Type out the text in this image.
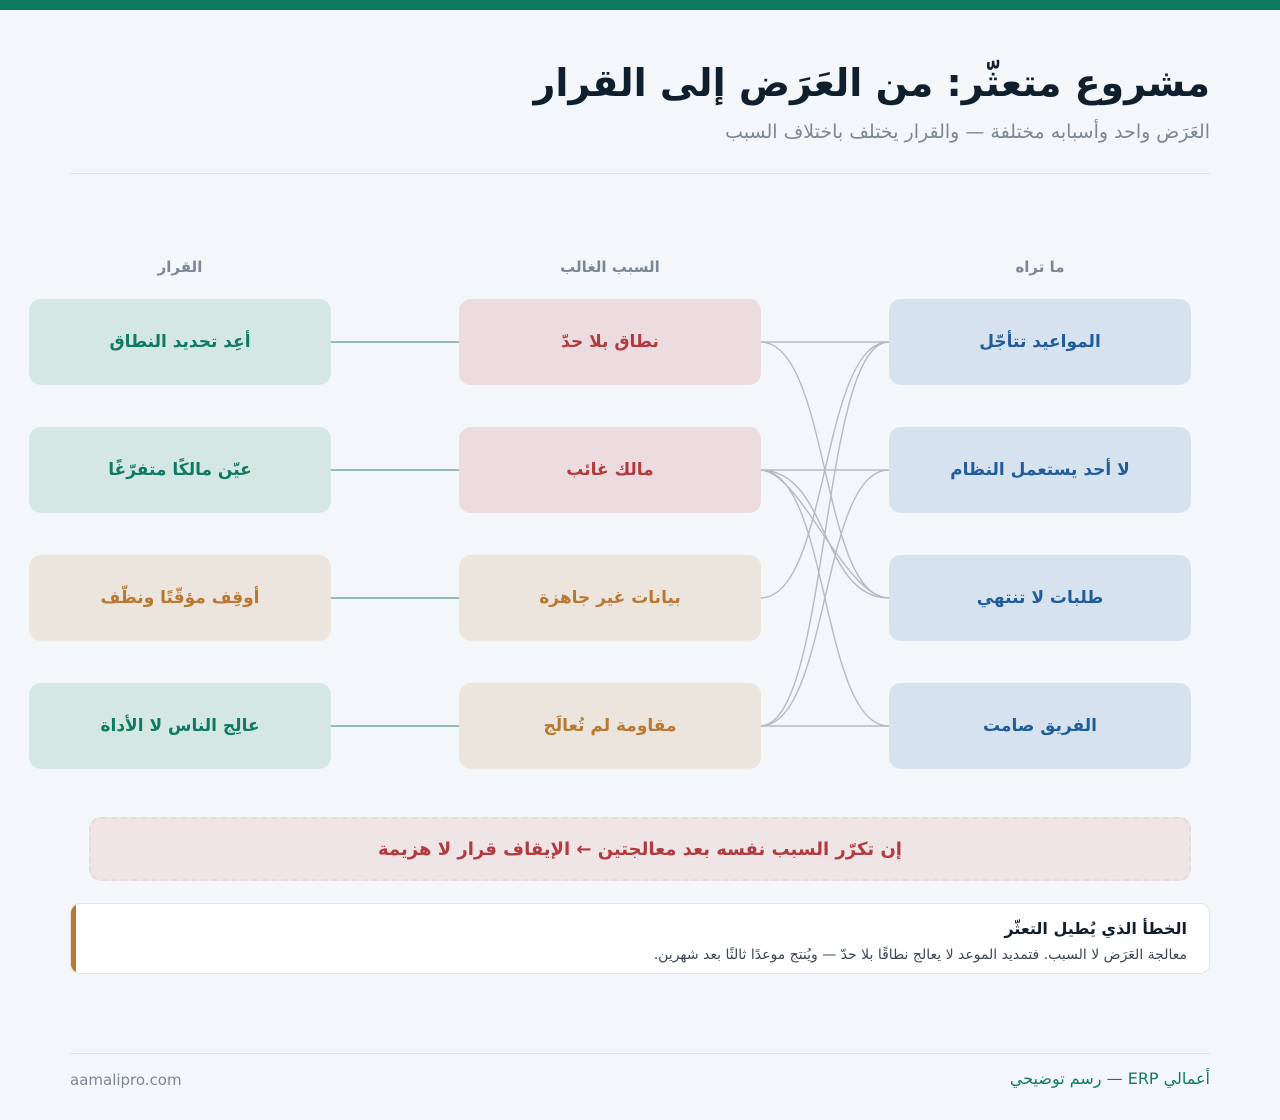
مشروع متعثّر: من العَرَض إلى القرار
العَرَض واحد وأسبابه مختلفة — والقرار يختلف باختلاف السبب
ما تراه
السبب الغالب
القرار
المواعيد تتأجّل
لا أحد يستعمل النظام
طلبات لا تنتهي
الفريق صامت
نطاق بلا حدّ
مالك غائب
بيانات غير جاهزة
مقاومة لم تُعالَج
أعِد تحديد النطاق
عيّن مالكًا متفرّغًا
أوقِف مؤقّتًا ونظّف
عالِج الناس لا الأداة
إن تكرّر السبب نفسه بعد معالجتين ← الإيقاف قرار لا هزيمة
الخطأ الذي يُطيل التعثّر
معالجة العَرَض لا السبب. فتمديد الموعد لا يعالج نطاقًا بلا حدّ — ويُنتج موعدًا ثالثًا بعد شهرين.
aamalipro.com	أعمالي ERP — رسم توضيحي
